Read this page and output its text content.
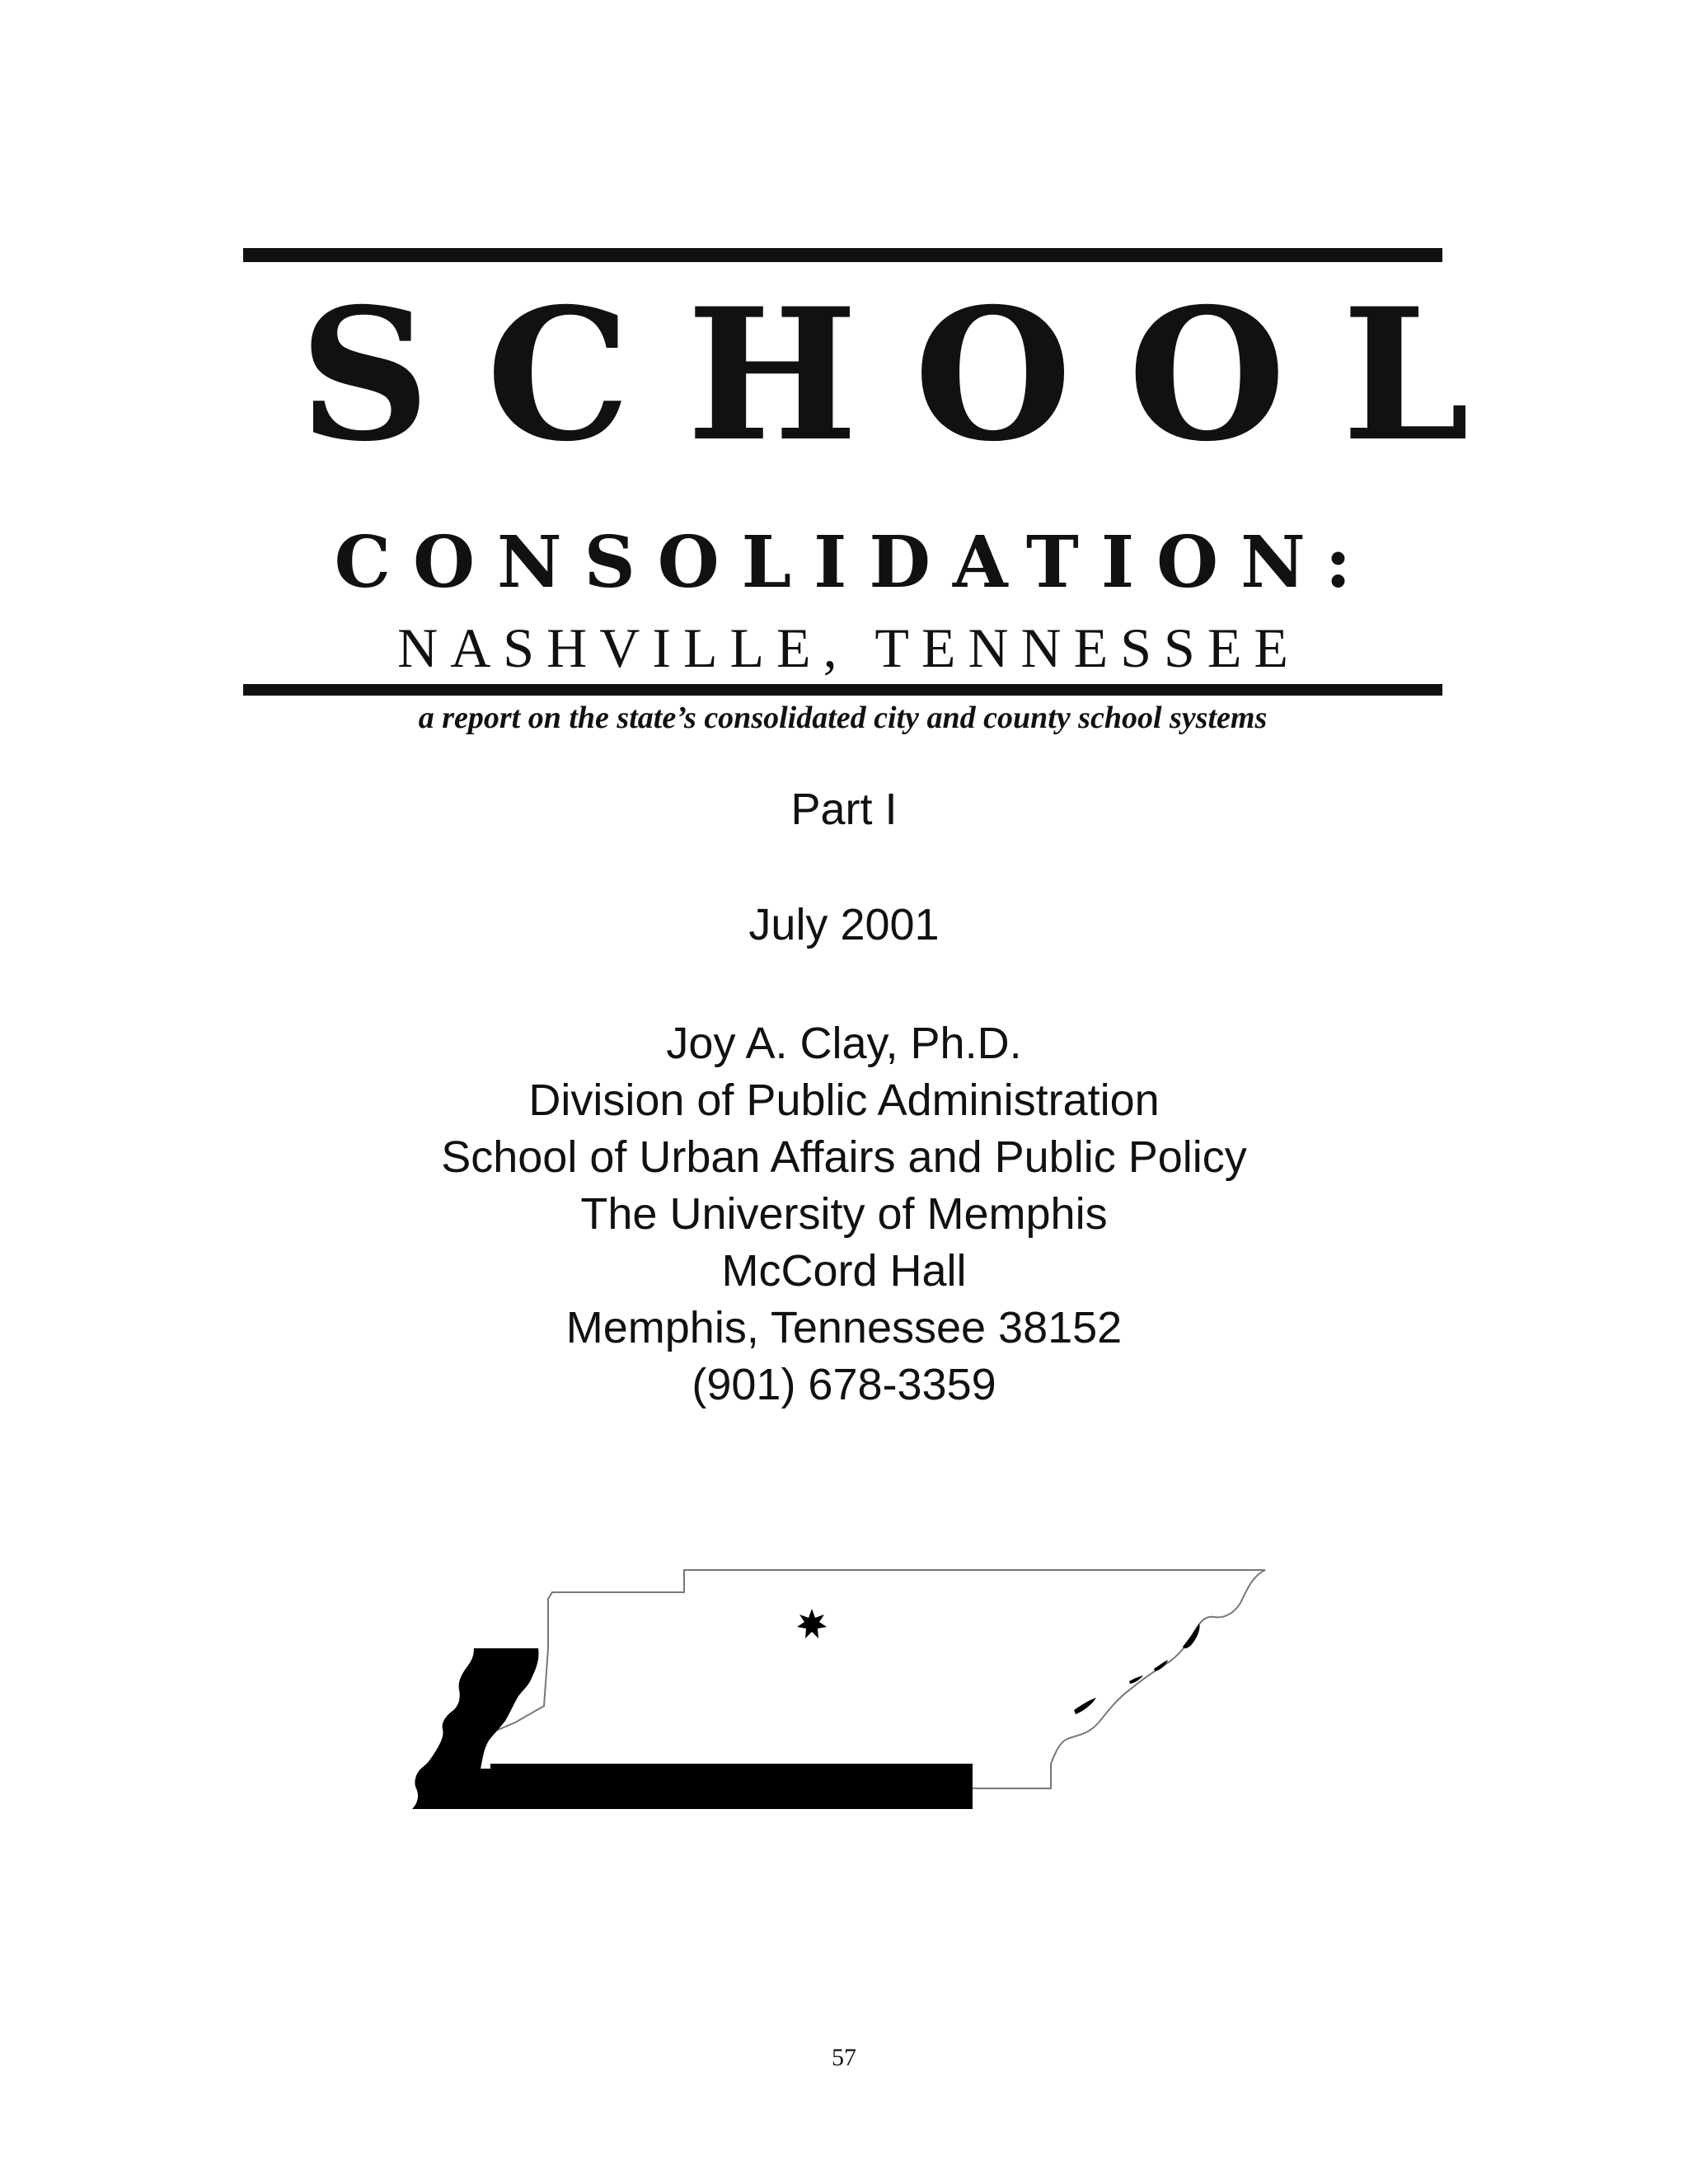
SCHOOL
CONSOLIDATION:
NASHVILLE, TENNESSEE
a report on the state’s consolidated city and county school systems
Part I
July 2001
Joy A. Clay, Ph.D.
Division of Public Administration
School of Urban Affairs and Public Policy
The University of Memphis
McCord Hall
Memphis, Tennessee 38152
(901) 678-3359
57
